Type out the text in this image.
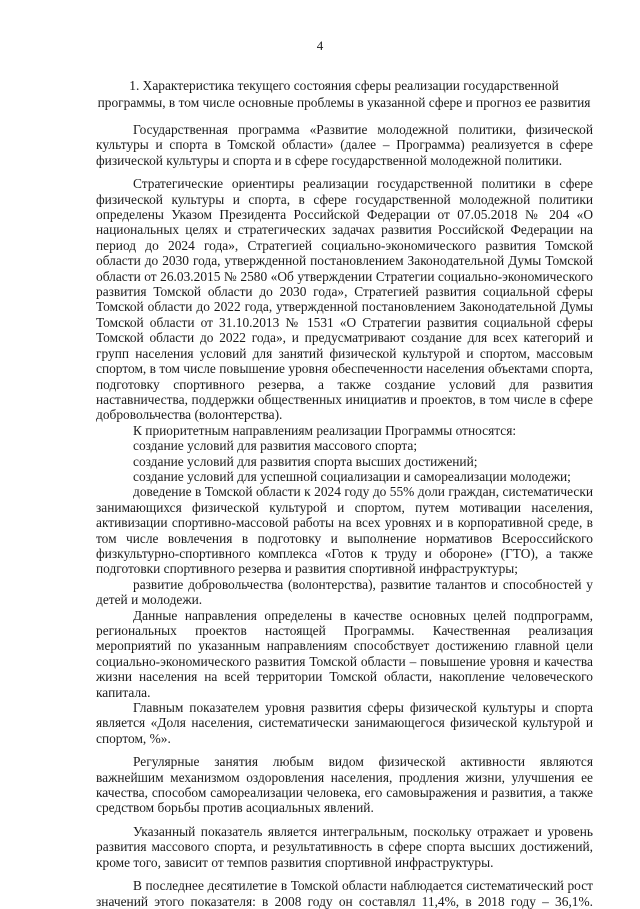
4
1. Характеристика текущего состояния сферы реализации государственной программы, в том числе основные проблемы в указанной сфере и прогноз ее развития

Государственная программа «Развитие молодежной политики, физической культуры и спорта в Томской области» (далее – Программа) реализуется в сфере физической культуры и спорта и в сфере государственной молодежной политики.

Стратегические ориентиры реализации государственной политики в сфере физической культуры и спорта, в сфере государственной молодежной политики определены Указом Президента Российской Федерации от 07.05.2018 № 204 «О национальных целях и стратегических задачах развития Российской Федерации на период до 2024 года», Стратегией социально-экономического развития Томской области до 2030 года, утвержденной постановлением Законодательной Думы Томской области от 26.03.2015 № 2580 «Об утверждении Стратегии социально-экономического развития Томской области до 2030 года», Стратегией развития социальной сферы Томской области до 2022 года, утвержденной постановлением Законодательной Думы Томской области от 31.10.2013 № 1531 «О Стратегии развития социальной сферы Томской области до 2022 года», и предусматривают создание для всех категорий и групп населения условий для занятий физической культурой и спортом, массовым спортом, в том числе повышение уровня обеспеченности населения объектами спорта, подготовку спортивного резерва, а также создание условий для развития наставничества, поддержки общественных инициатив и проектов, в том числе в сфере добровольчества (волонтерства).

К приоритетным направлениям реализации Программы относятся:

создание условий для развития массового спорта;

создание условий для развития спорта высших достижений;

создание условий для успешной социализации и самореализации молодежи;

доведение в Томской области к 2024 году до 55% доли граждан, систематически занимающихся физической культурой и спортом, путем мотивации населения, активизации спортивно-массовой работы на всех уровнях и в корпоративной среде, в том числе вовлечения в подготовку и выполнение нормативов Всероссийского физкультурно-спортивного комплекса «Готов к труду и обороне» (ГТО), а также подготовки спортивного резерва и развития спортивной инфраструктуры;

развитие добровольчества (волонтерства), развитие талантов и способностей у детей и молодежи.

Данные направления определены в качестве основных целей подпрограмм, региональных проектов настоящей Программы. Качественная реализация мероприятий по указанным направлениям способствует достижению главной цели социально-экономического развития Томской области – повышение уровня и качества жизни населения на всей территории Томской области, накопление человеческого капитала.

Главным показателем уровня развития сферы физической культуры и спорта является «Доля населения, систематически занимающегося физической культурой и спортом, %».

Регулярные занятия любым видом физической активности являются важнейшим механизмом оздоровления населения, продления жизни, улучшения ее качества, способом самореализации человека, его самовыражения и развития, а также средством борьбы против асоциальных явлений.

Указанный показатель является интегральным, поскольку отражает и уровень развития массового спорта, и результативность в сфере спорта высших достижений, кроме того, зависит от темпов развития спортивной инфраструктуры.

В последнее десятилетие в Томской области наблюдается систематический рост значений этого показателя: в 2008 году он составлял 11,4%, в 2018 году – 36,1%.
